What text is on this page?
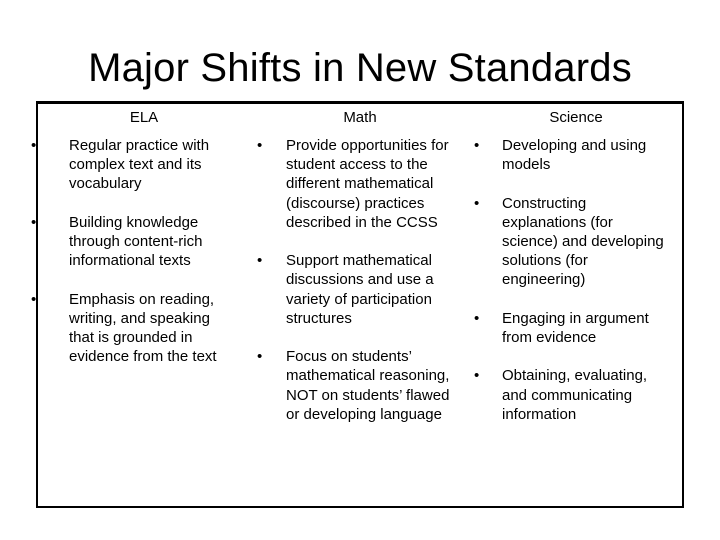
Major Shifts in New Standards
ELA
• Regular practice with
complex text and its
vocabulary
• Building knowledge
through content-rich
informational texts
• Emphasis on reading,
writing, and speaking
that is grounded in
evidence from the text
Math
• Provide opportunities for
student access to the
different mathematical
(discourse) practices
described in the CCSS
• Support mathematical
discussions and use a
variety of participation
structures
• Focus on students’
mathematical reasoning,
NOT on students’ flawed
or developing language
Science
• Developing and using
models
• Constructing
explanations (for
science) and developing
solutions (for
engineering)
• Engaging in argument
from evidence
• Obtaining, evaluating,
and communicating
information
